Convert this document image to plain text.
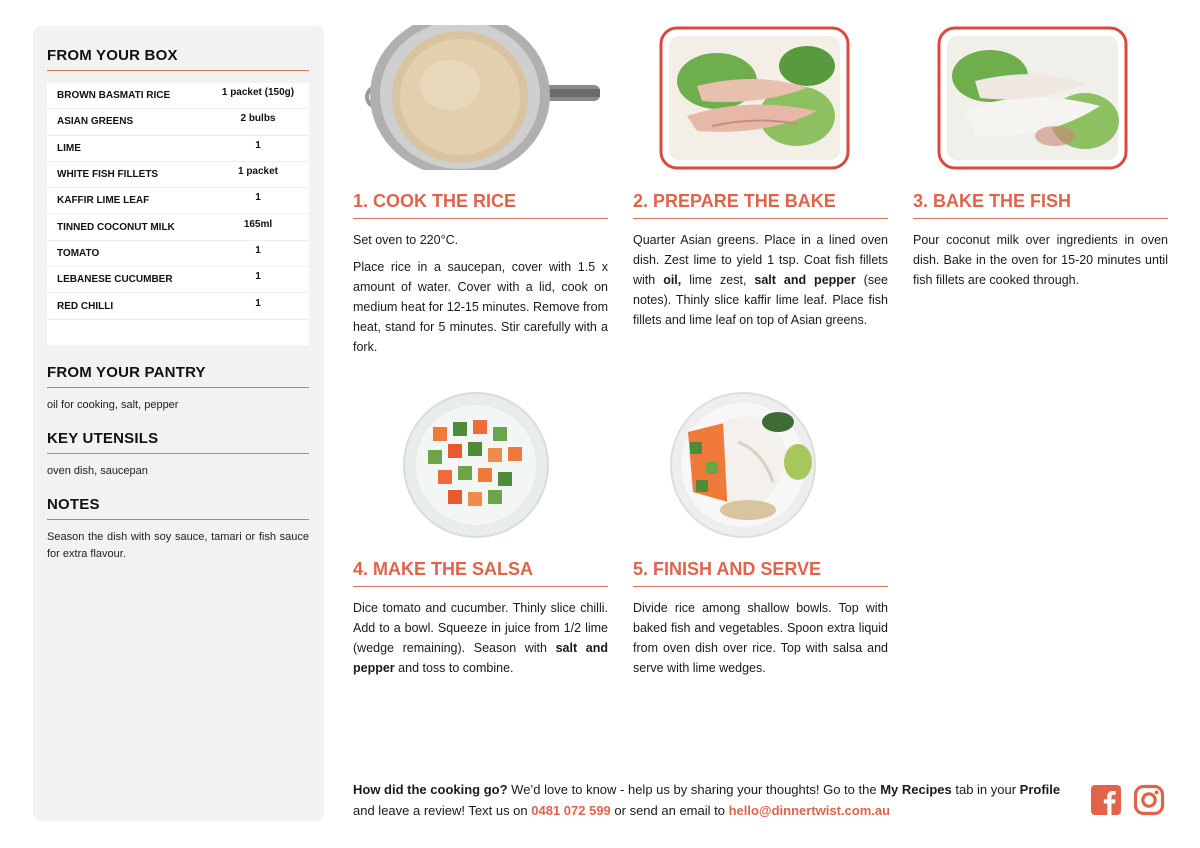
FROM YOUR BOX
BROWN BASMATI RICE	1 packet (150g)
ASIAN GREENS	2 bulbs
LIME	1
WHITE FISH FILLETS	1 packet
KAFFIR LIME LEAF	1
TINNED COCONUT MILK	165ml
TOMATO	1
LEBANESE CUCUMBER	1
RED CHILLI	1
FROM YOUR PANTRY
oil for cooking, salt, pepper
KEY UTENSILS
oven dish, saucepan
NOTES
Season the dish with soy sauce, tamari or fish sauce for extra flavour.
1. COOK THE RICE

Set oven to 220°C.

Place rice in a saucepan, cover with 1.5 x amount of water. Cover with a lid, cook on medium heat for 12-15 minutes. Remove from heat, stand for 5 minutes. Stir carefully with a fork.

2. PREPARE THE BAKE

Quarter Asian greens. Place in a lined oven dish. Zest lime to yield 1 tsp. Coat fish fillets with oil, lime zest, salt and pepper (see notes). Thinly slice kaffir lime leaf. Place fish fillets and lime leaf on top of Asian greens.

3. BAKE THE FISH

Pour coconut milk over ingredients in oven dish. Bake in the oven for 15-20 minutes until fish fillets are cooked through.

4. MAKE THE SALSA

Dice tomato and cucumber. Thinly slice chilli. Add to a bowl. Squeeze in juice from 1/2 lime (wedge remaining). Season with salt and pepper and toss to combine.

5. FINISH AND SERVE

Divide rice among shallow bowls. Top with baked fish and vegetables. Spoon extra liquid from oven dish over rice. Top with salsa and serve with lime wedges.

How did the cooking go? We’d love to know - help us by sharing your thoughts! Go to the My Recipes tab in your Profile and leave a review! Text us on 0481 072 599 or send an email to hello@dinnertwist.com.au
